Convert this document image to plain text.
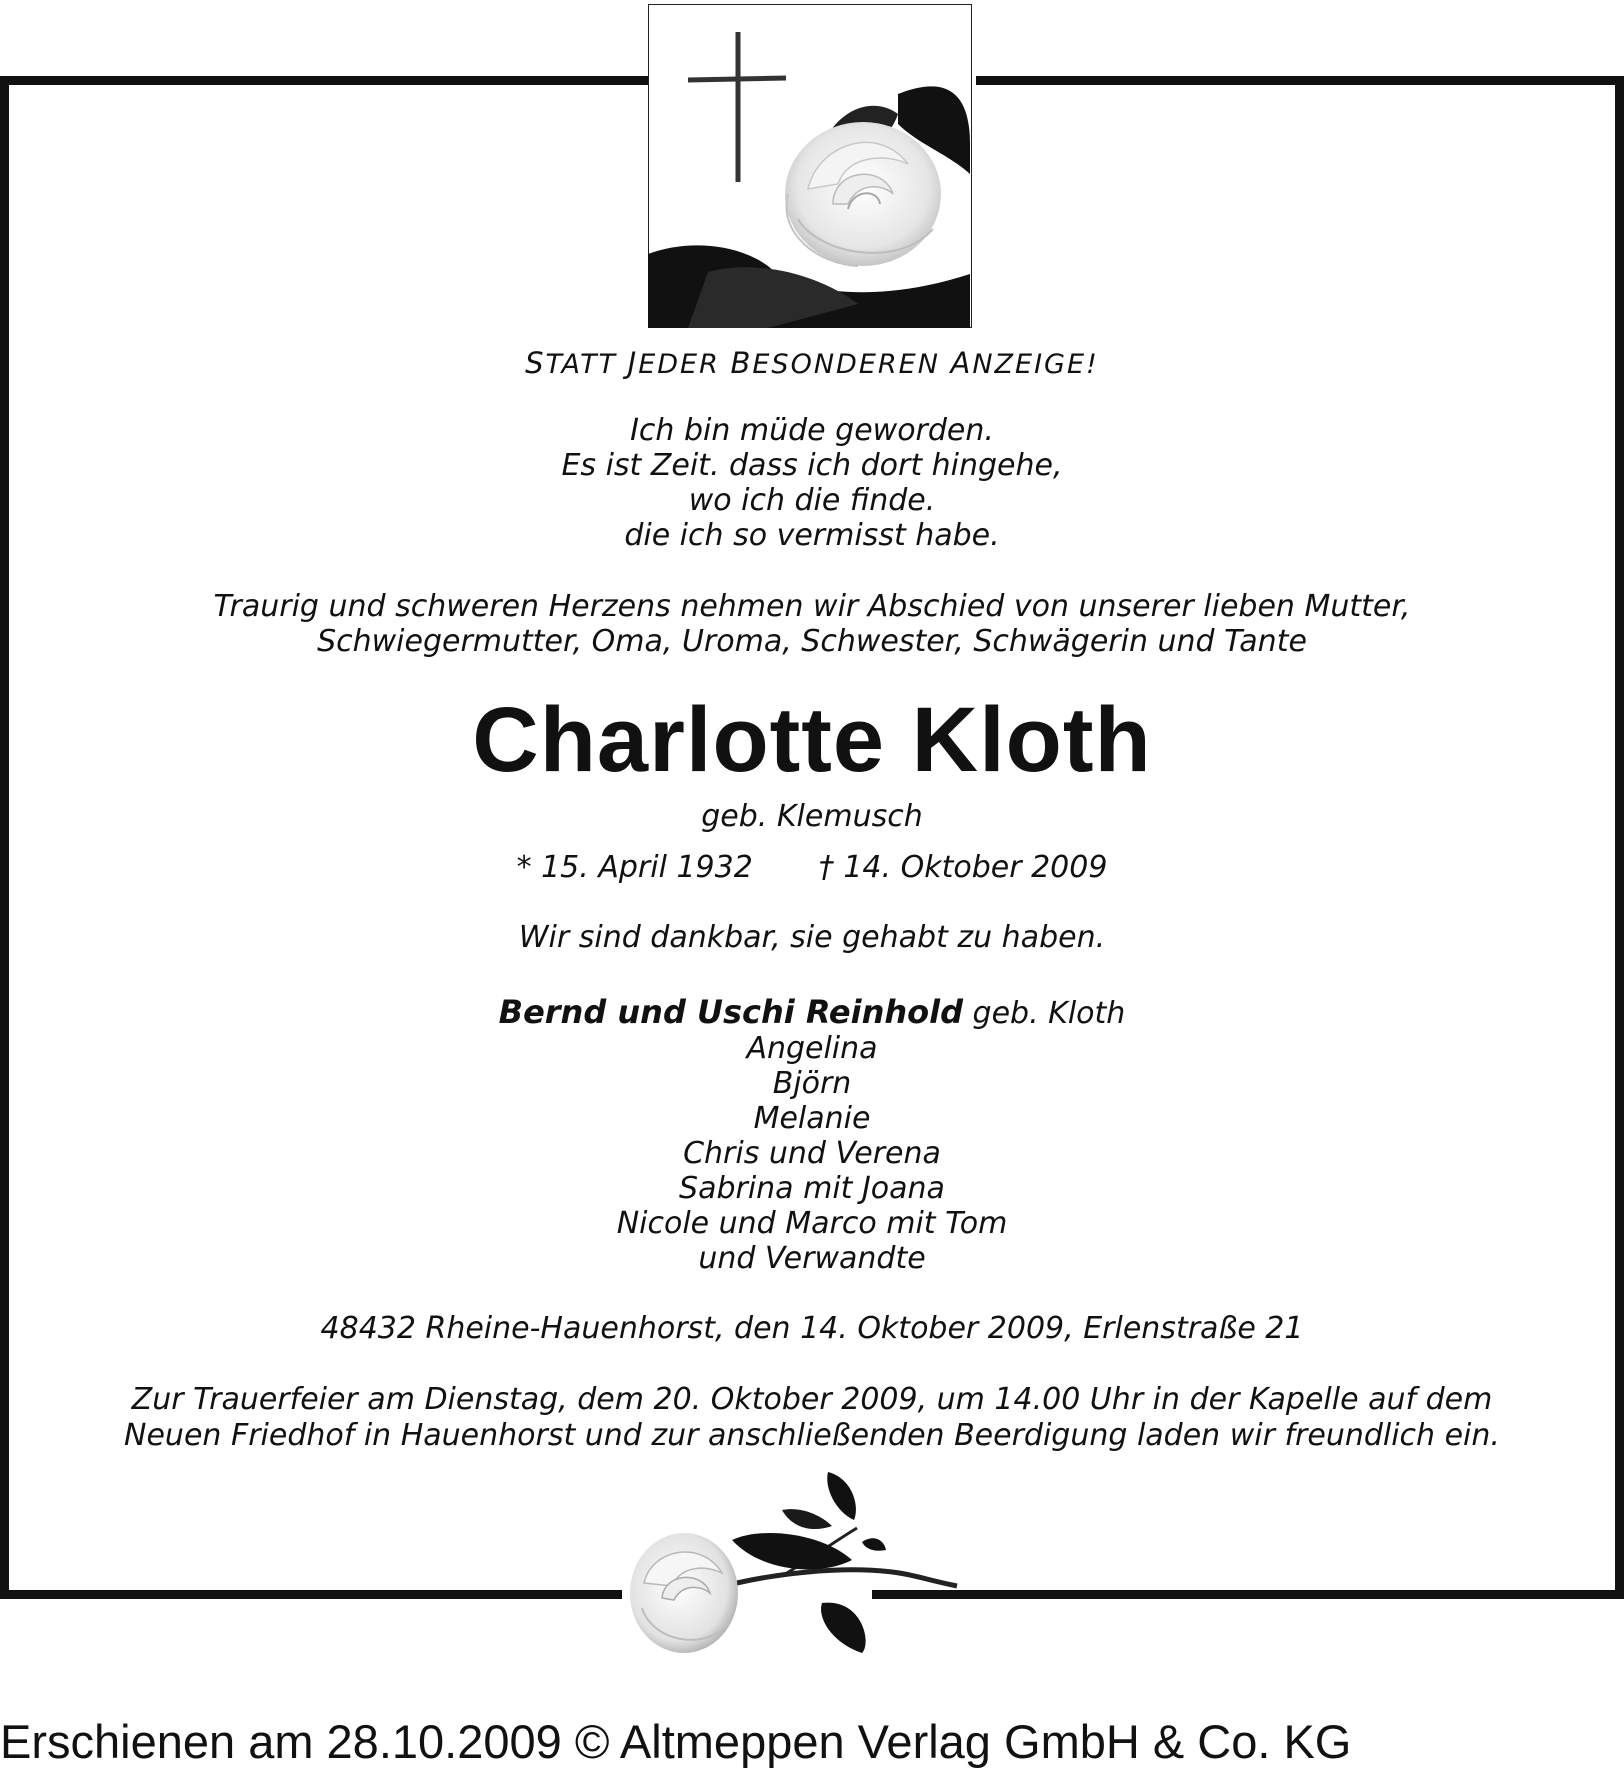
STATT JEDER BESONDEREN ANZEIGE!
Ich bin müde geworden.
Es ist Zeit. dass ich dort hingehe,
wo ich die finde.
die ich so vermisst habe.
Traurig und schweren Herzens nehmen wir Abschied von unserer lieben Mutter,
Schwiegermutter, Oma, Uroma, Schwester, Schwägerin und Tante
Charlotte Kloth
geb. Klemusch
* 15. April 1932 † 14. Oktober 2009
Wir sind dankbar, sie gehabt zu haben.
Bernd und Uschi Reinhold geb. Kloth
Angelina
Björn
Melanie
Chris und Verena
Sabrina mit Joana
Nicole und Marco mit Tom
und Verwandte
48432 Rheine-Hauenhorst, den 14. Oktober 2009, Erlenstraße 21
Zur Trauerfeier am Dienstag, dem 20. Oktober 2009, um 14.00 Uhr in der Kapelle auf dem
Neuen Friedhof in Hauenhorst und zur anschließenden Beerdigung laden wir freundlich ein.
Erschienen am 28.10.2009 © Altmeppen Verlag GmbH & Co. KG
